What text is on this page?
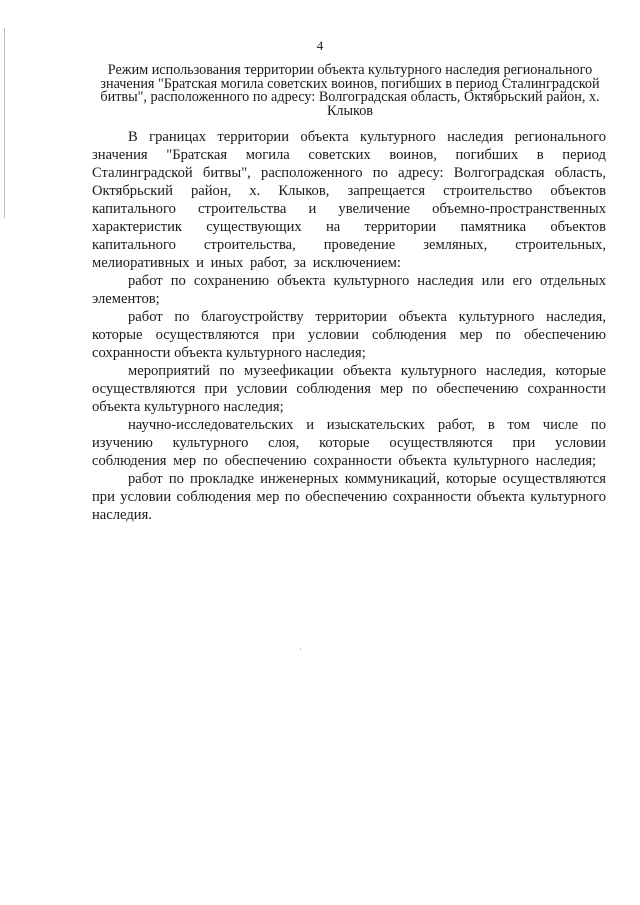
4
Режим использования территории объекта культурного наследия регионального значения "Братская могила советских воинов, погибших в период Сталинградской битвы", расположенного по адресу: Волгоградская область, Октябрьский район, х. Клыков

В границах территории объекта культурного наследия регионального значения "Братская могила советских воинов, погибших в период Сталинградской битвы", расположенного по адресу: Волгоградская область, Октябрьский район, х. Клыков, запрещается строительство объектов капитального строительства и увеличение объемно-пространственных характеристик существующих на территории памятника объектов капитального строительства, проведение земляных, строительных, мелиоративных и иных работ, за исключением:

работ по сохранению объекта культурного наследия или его отдельных элементов;

работ по благоустройству территории объекта культурного наследия, которые осуществляются при условии соблюдения мер по обеспечению сохранности объекта культурного наследия;

мероприятий по музеефикации объекта культурного наследия, которые осуществляются при условии соблюдения мер по обеспечению сохранности объекта культурного наследия;

научно-исследовательских и изыскательских работ, в том числе по изучению культурного слоя, которые осуществляются при условии соблюдения мер по обеспечению сохранности объекта культурного наследия;

работ по прокладке инженерных коммуникаций, которые осуществляются при условии соблюдения мер по обеспечению сохранности объекта культурного наследия.
